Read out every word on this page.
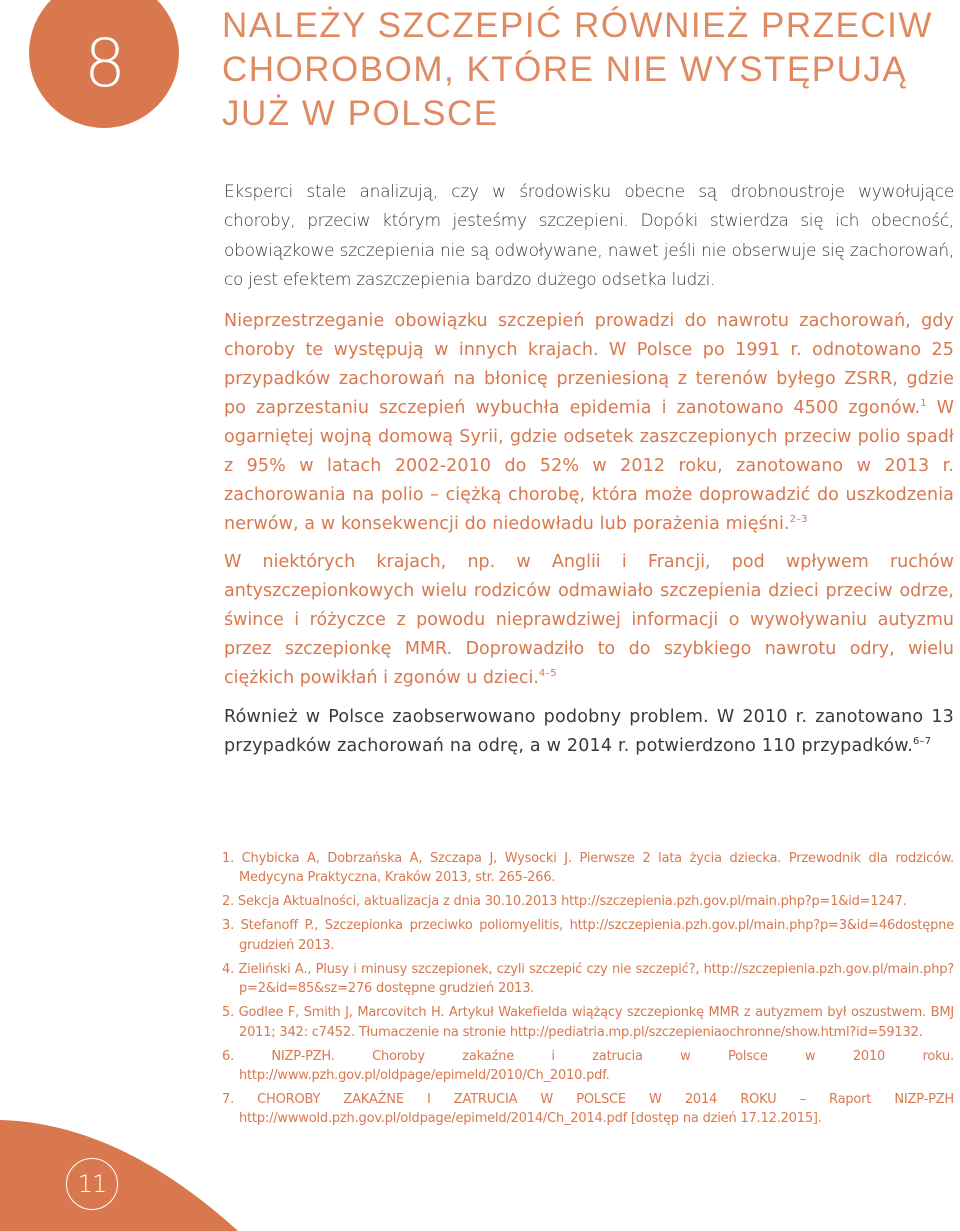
8	NALEŻY SZCZEPIĆ RÓWNIEŻ PRZECIW CHOROBOM, KTÓRE NIE WYSTĘPUJĄ JUŻ W POLSCE

Eksperci stale analizują, czy w środowisku obecne są drobnoustroje wywołujące choroby, przeciw którym jesteśmy szczepieni. Dopóki stwierdza się ich obecność, obowiązkowe szczepienia nie są odwoływane, nawet jeśli nie obserwuje się zachorowań, co jest efektem zaszczepienia bardzo dużego odsetka ludzi.

Nieprzestrzeganie obowiązku szczepień prowadzi do nawrotu zachorowań, gdy choroby te występują w innych krajach. W Polsce po 1991 r. odnotowano 25 przypadków zachorowań na błonicę przeniesioną z terenów byłego ZSRR, gdzie po zaprzestaniu szczepień wybuchła epidemia i zanotowano 4500 zgonów.$^1$ W ogarniętej wojną domową Syrii, gdzie odsetek zaszczepionych przeciw polio spadł z 95% w latach 2002-2010 do 52% w 2012 roku, zanotowano w 2013 r. zachorowania na polio – ciężką chorobę, która może doprowadzić do uszkodzenia nerwów, a w konsekwencji do niedowładu lub porażenia mięśni.$^{2-3}$

W niektórych krajach, np. w Anglii i Francji, pod wpływem ruchów antyszczepionkowych wielu rodziców odmawiało szczepienia dzieci przeciw odrze, śwince i różyczce z powodu nieprawdziwej informacji o wywoływaniu autyzmu przez szczepionkę MMR. Doprowadziło to do szybkiego nawrotu odry, wielu ciężkich powikłań i zgonów u dzieci.$^{4-5}$

Również w Polsce zaobserwowano podobny problem. W 2010 r. zanotowano 13 przypadków zachorowań na odrę, a w 2014 r. potwierdzono 110 przypadków.$^{6-7}$

1. Chybicka A, Dobrzańska A, Szczapa J, Wysocki J. Pierwsze 2 lata życia dziecka. Przewodnik dla rodziców. Medycyna Praktyczna, Kraków 2013, str. 265-266.
2. Sekcja Aktualności, aktualizacja z dnia 30.10.2013 http://szczepienia.pzh.gov.pl/main.php?p=1&id=1247.
3. Stefanoff P., Szczepionka przeciwko poliomyelitis, http://szczepienia.pzh.gov.pl/main.php?p=3&id=46dostępne grudzień 2013.
4. Zieliński A., Plusy i minusy szczepionek, czyli szczepić czy nie szczepić?, http://szczepienia.pzh.gov.pl/main.php?p=2&id=85&sz=276 dostępne grudzień 2013.
5. Godlee F, Smith J, Marcovitch H. Artykuł Wakefielda wiążący szczepionkę MMR z autyzmem był oszustwem. BMJ 2011; 342: c7452. Tłumaczenie na stronie http://pediatria.mp.pl/szczepieniaochronne/show.html?id=59132.
6. NIZP-PZH. Choroby zakaźne i zatrucia w Polsce w 2010 roku. http://www.pzh.gov.pl/oldpage/epimeld/2010/Ch_2010.pdf.
7. CHOROBY ZAKAŹNE I ZATRUCIA W POLSCE W 2014 ROKU – Raport NIZP-PZH http://wwwold.pzh.gov.pl/oldpage/epimeld/2014/Ch_2014.pdf [dostęp na dzień 17.12.2015].
11
